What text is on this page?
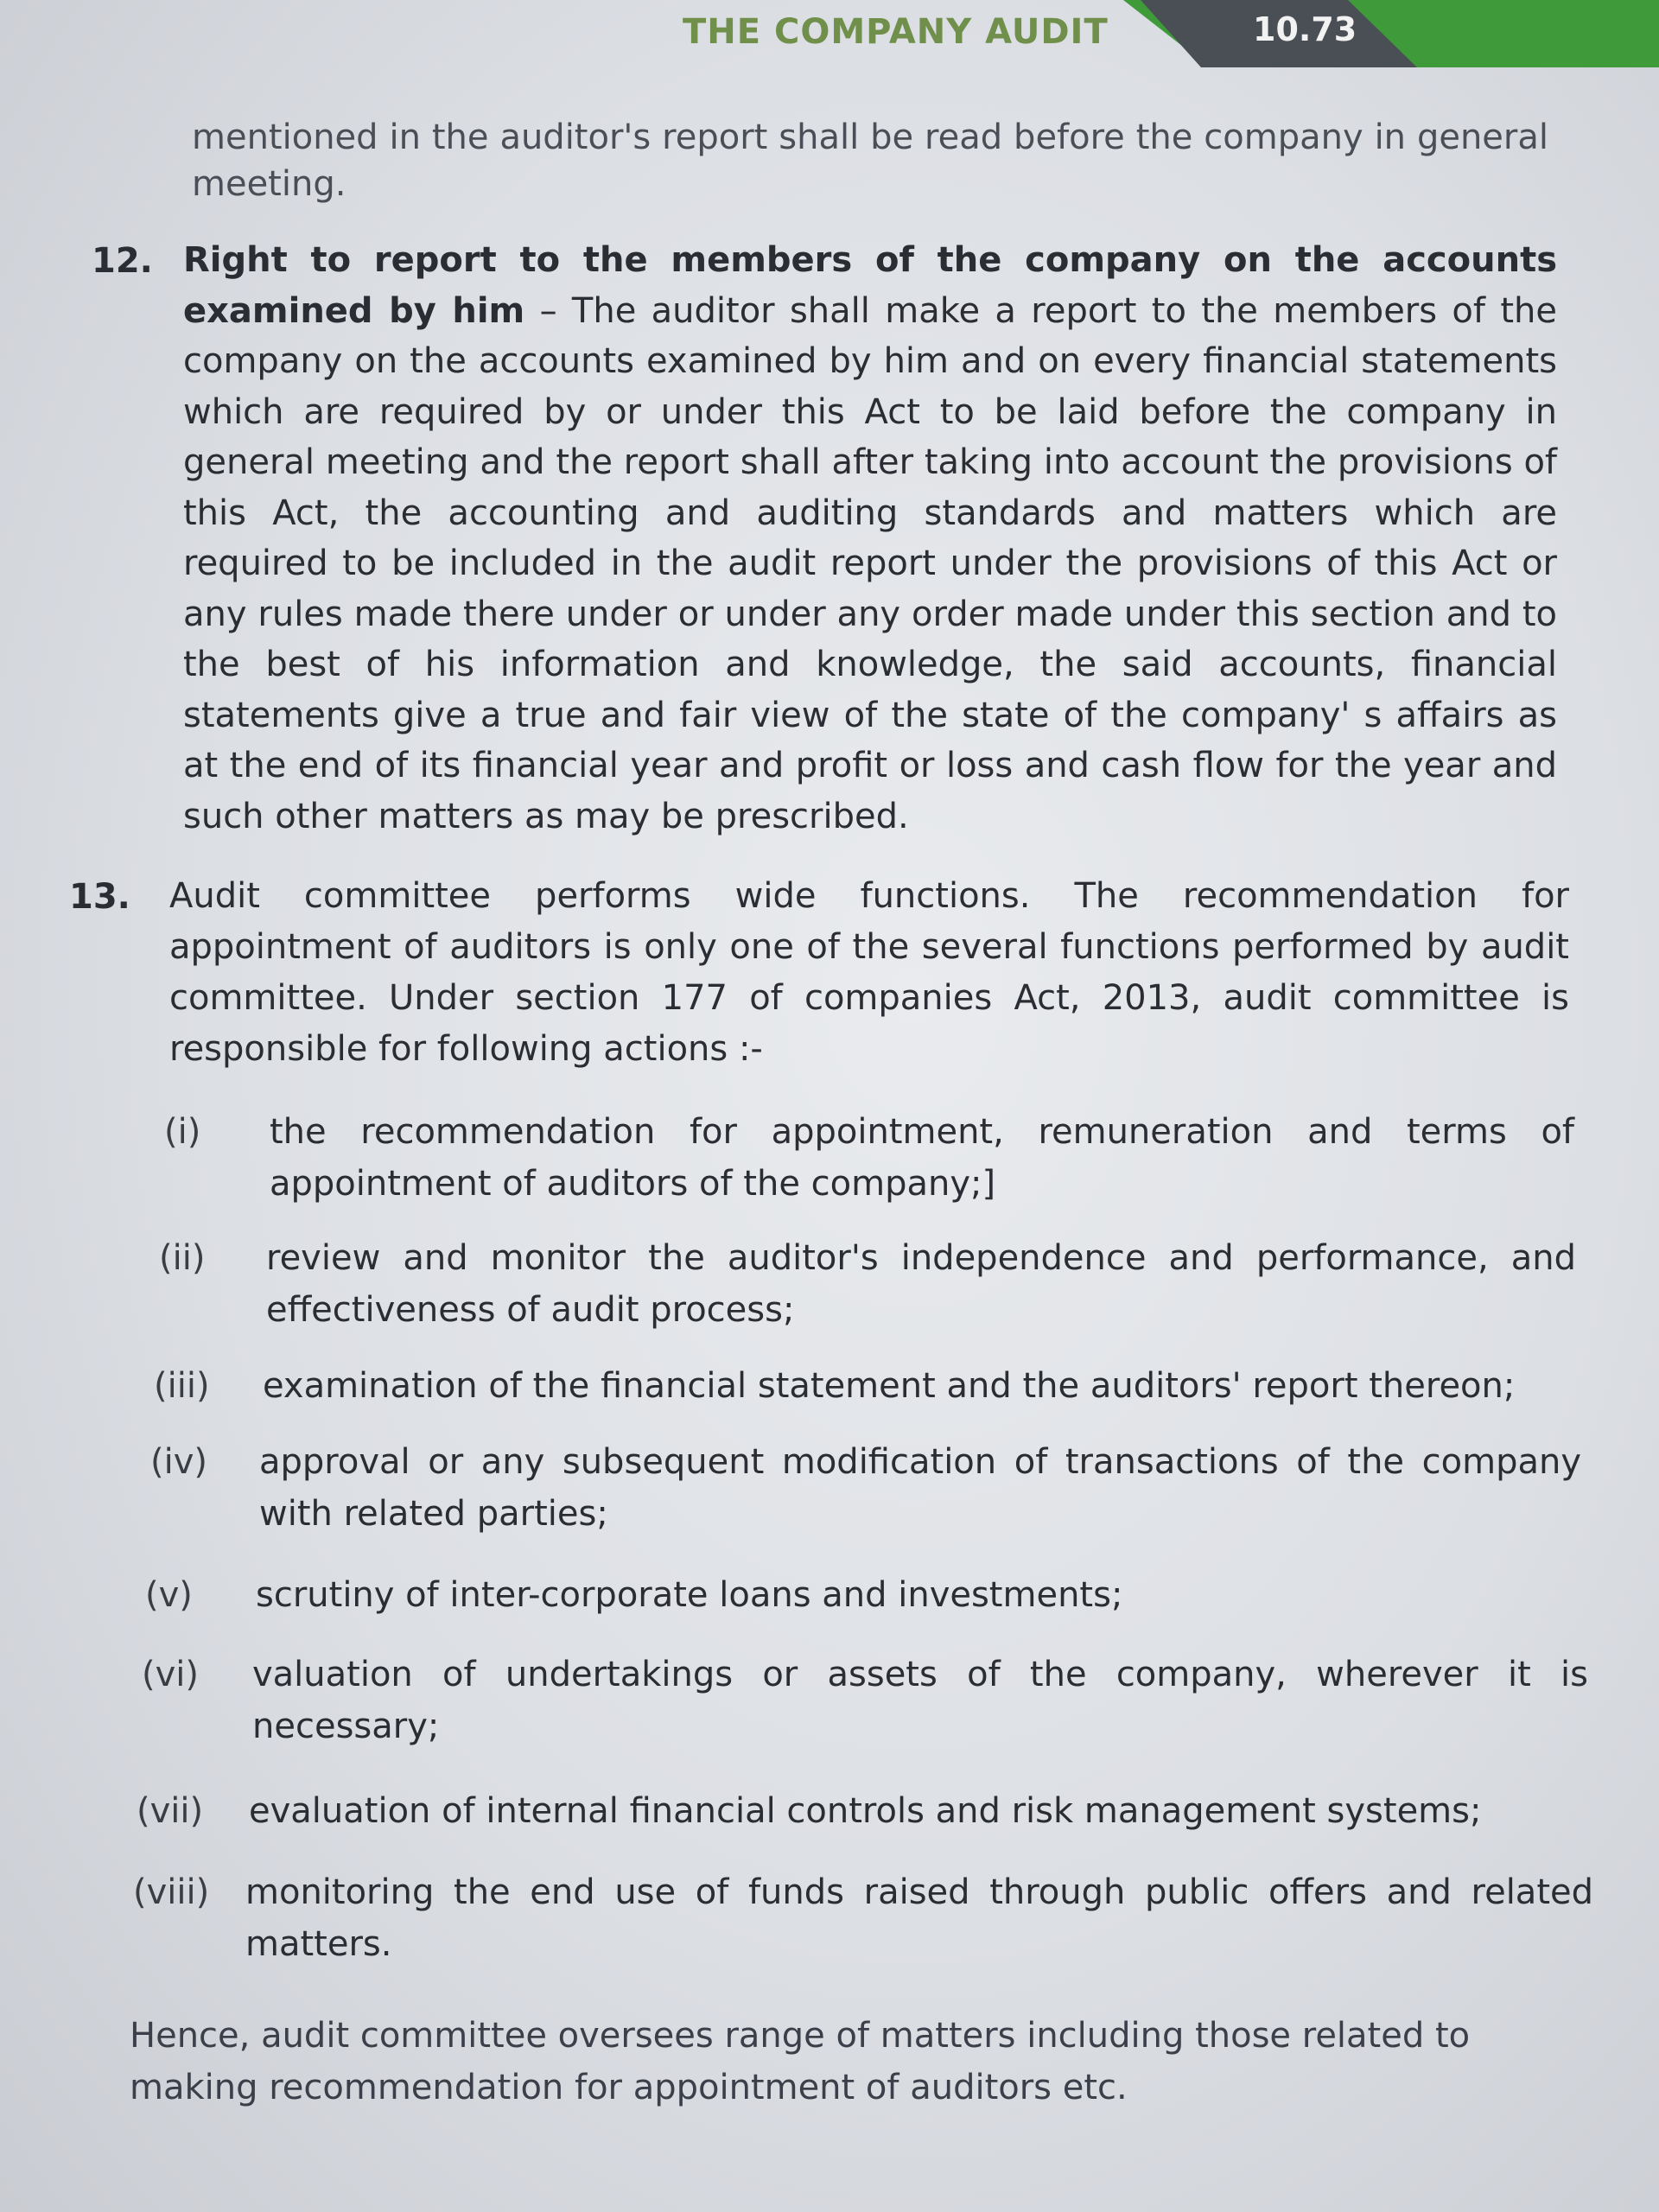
THE COMPANY AUDIT	10.73
mentioned in the auditor's report shall be read before the company in general meeting.
12. Right to report to the members of the company on the accounts examined by him – The auditor shall make a report to the members of the company on the accounts examined by him and on every financial statements which are required by or under this Act to be laid before the company in general meeting and the report shall after taking into account the provisions of this Act, the accounting and auditing standards and matters which are required to be included in the audit report under the provisions of this Act or any rules made there under or under any order made under this section and to the best of his information and knowledge, the said accounts, financial statements give a true and fair view of the state of the company' s affairs as at the end of its financial year and profit or loss and cash flow for the year and such other matters as may be prescribed.
13. Audit committee performs wide functions. The recommendation for appointment of auditors is only one of the several functions performed by audit committee. Under section 177 of companies Act, 2013, audit committee is responsible for following actions :-
(i) the recommendation for appointment, remuneration and terms of appointment of auditors of the company;]
(ii) review and monitor the auditor's independence and performance, and effectiveness of audit process;
(iii) examination of the financial statement and the auditors' report thereon;
(iv) approval or any subsequent modification of transactions of the company with related parties;
(v) scrutiny of inter-corporate loans and investments;
(vi) valuation of undertakings or assets of the company, wherever it is necessary;
(vii) evaluation of internal financial controls and risk management systems;
(viii) monitoring the end use of funds raised through public offers and related matters.
Hence, audit committee oversees range of matters including those related to making recommendation for appointment of auditors etc.
